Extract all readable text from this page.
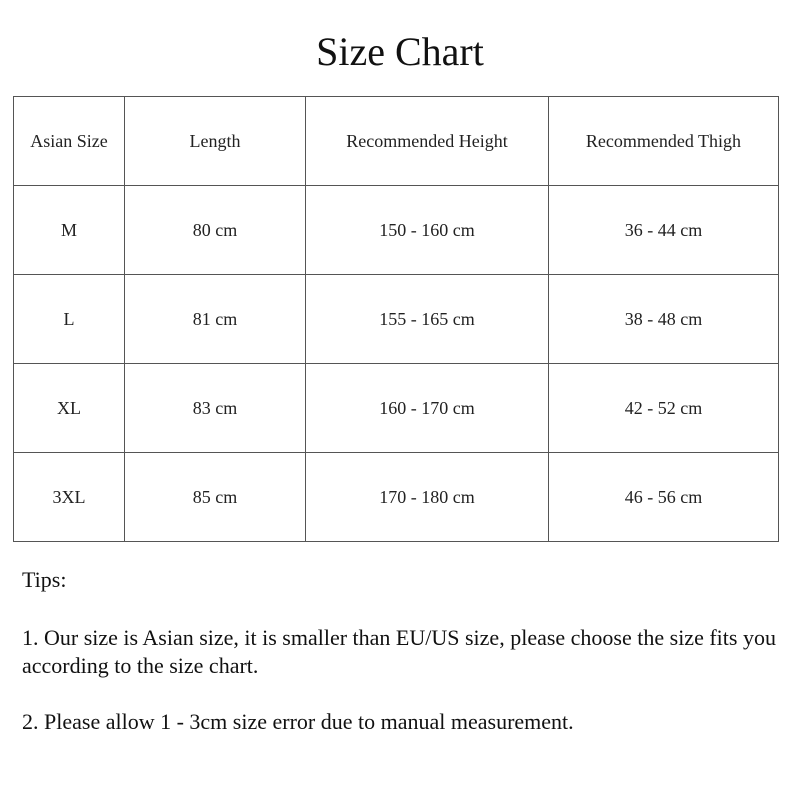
Size Chart
Asian Size	Length	Recommended Height	Recommended Thigh
M	80 cm	150 - 160 cm	36 - 44 cm
L	81 cm	155 - 165 cm	38 - 48 cm
XL	83 cm	160 - 170 cm	42 - 52 cm
3XL	85 cm	170 - 180 cm	46 - 56 cm

Tips:

1. Our size is Asian size, it is smaller than EU/US size, please choose the size fits you according to the size chart.

2. Please allow 1 - 3cm size error due to manual measurement.
